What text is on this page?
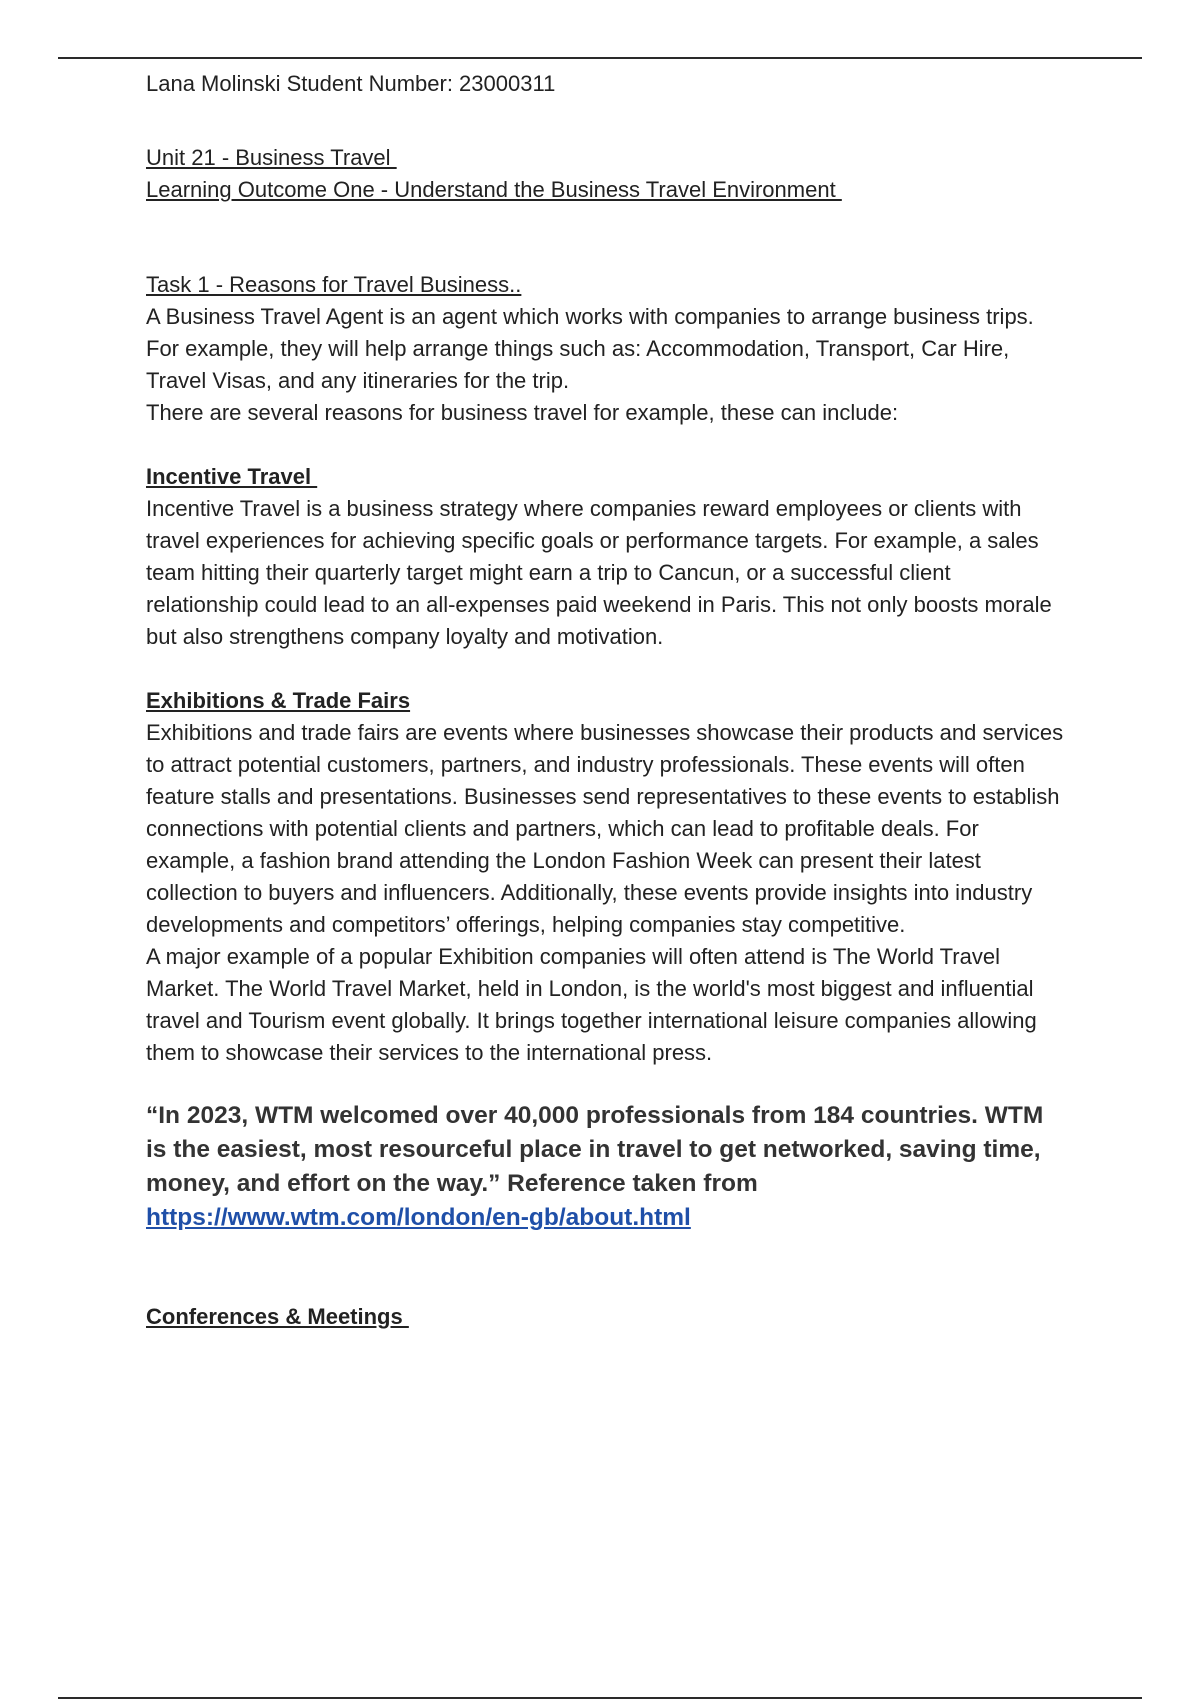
Lana Molinski Student Number: 23000311

Unit 21 - Business Travel

Learning Outcome One - Understand the Business Travel Environment

Task 1 - Reasons for Travel Business..

A Business Travel Agent is an agent which works with companies to arrange business trips. For example, they will help arrange things such as: Accommodation, Transport, Car Hire, Travel Visas, and any itineraries for the trip.

There are several reasons for business travel for example, these can include:

Incentive Travel

Incentive Travel is a business strategy where companies reward employees or clients with travel experiences for achieving specific goals or performance targets. For example, a sales team hitting their quarterly target might earn a trip to Cancun, or a successful client relationship could lead to an all-expenses paid weekend in Paris. This not only boosts morale but also strengthens company loyalty and motivation.

Exhibitions & Trade Fairs

Exhibitions and trade fairs are events where businesses showcase their products and services to attract potential customers, partners, and industry professionals. These events will often feature stalls and presentations. Businesses send representatives to these events to establish connections with potential clients and partners, which can lead to profitable deals. For example, a fashion brand attending the London Fashion Week can present their latest collection to buyers and influencers. Additionally, these events provide insights into industry developments and competitors’ offerings, helping companies stay competitive.

A major example of a popular Exhibition companies will often attend is The World Travel Market. The World Travel Market, held in London, is the world's most biggest and influential travel and Tourism event globally. It brings together international leisure companies allowing them to showcase their services to the international press.

“In 2023, WTM welcomed over 40,000 professionals from 184 countries. WTM is the easiest, most resourceful place in travel to get networked, saving time, money, and effort on the way.” Reference taken from https://www.wtm.com/london/en-gb/about.html

Conferences & Meetings
